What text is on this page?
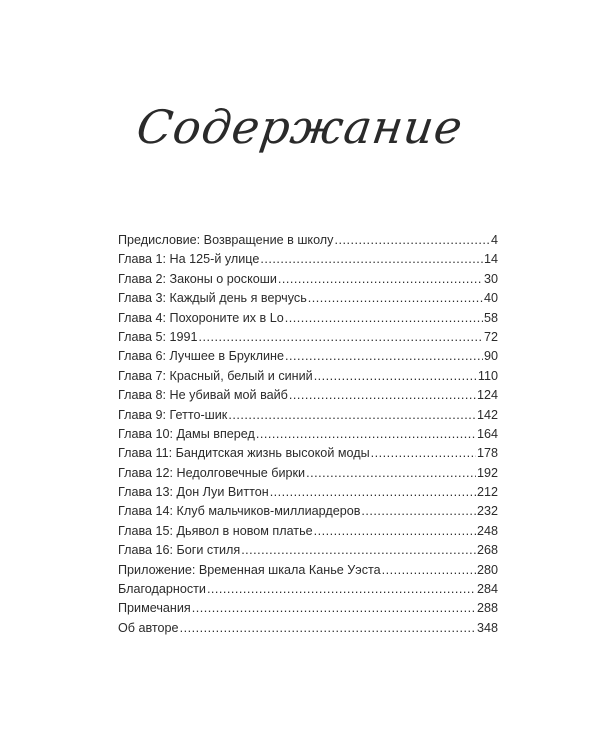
Содержание
Предисловие: Возвращение в школу .....	4
Глава 1: На 125-й улице .....	14
Глава 2: Законы о роскоши .....	30
Глава 3: Каждый день я верчусь .....	40
Глава 4: Похороните их в Lo .....	58
Глава 5: 1991 .....	72
Глава 6: Лучшее в Бруклине .....	90
Глава 7: Красный, белый и синий .....	110
Глава 8: Не убивай мой вайб .....	124
Глава 9: Гетто-шик .....	142
Глава 10: Дамы вперед .....	164
Глава 11: Бандитская жизнь высокой моды .....	178
Глава 12: Недолговечные бирки .....	192
Глава 13: Дон Луи Виттон .....	212
Глава 14: Клуб мальчиков-миллиардеров .....	232
Глава 15: Дьявол в новом платье .....	248
Глава 16: Боги стиля .....	268
Приложение: Временная шкала Канье Уэста .....	280
Благодарности .....	284
Примечания .....	288
Об авторе .....	348
